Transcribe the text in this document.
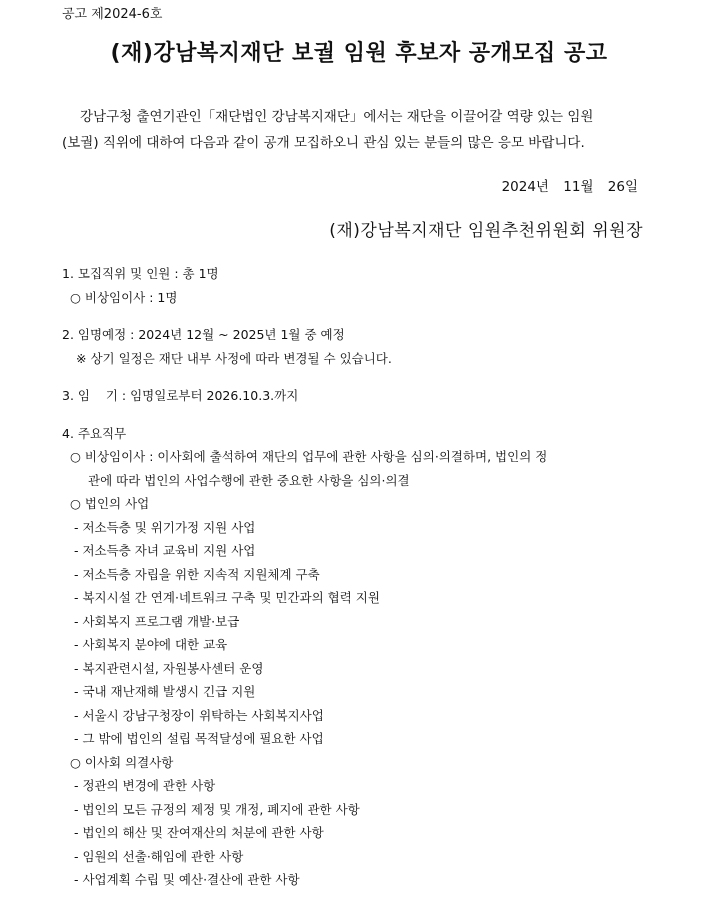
공고 제2024-6호
(재)강남복지재단 보궐 임원 후보자 공개모집 공고
강남구청 출연기관인「재단법인 강남복지재단」에서는 재단을 이끌어갈 역량 있는 임원
(보궐) 직위에 대하여 다음과 같이 공개 모집하오니 관심 있는 분들의 많은 응모 바랍니다.
2024년 11월 26일
(재)강남복지재단 임원추천위원회 위원장
1. 모집직위 및 인원 : 총 1명
○ 비상임이사 : 1명
2. 임명예정 : 2024년 12월 ~ 2025년 1월 중 예정
※ 상기 일정은 재단 내부 사정에 따라 변경될 수 있습니다.
3. 임    기 : 임명일로부터 2026.10.3.까지
4. 주요직무
○ 비상임이사 : 이사회에 출석하여 재단의 업무에 관한 사항을 심의·의결하며, 법인의 정
관에 따라 법인의 사업수행에 관한 중요한 사항을 심의·의결
○ 법인의 사업
- 저소득층 및 위기가정 지원 사업
- 저소득층 자녀 교육비 지원 사업
- 저소득층 자립을 위한 지속적 지원체계 구축
- 복지시설 간 연계·네트워크 구축 및 민간과의 협력 지원
- 사회복지 프로그램 개발·보급
- 사회복지 분야에 대한 교육
- 복지관련시설, 자원봉사센터 운영
- 국내 재난재해 발생시 긴급 지원
- 서울시 강남구청장이 위탁하는 사회복지사업
- 그 밖에 법인의 설립 목적달성에 필요한 사업
○ 이사회 의결사항
- 정관의 변경에 관한 사항
- 법인의 모든 규정의 제정 및 개정, 폐지에 관한 사항
- 법인의 해산 및 잔여재산의 처분에 관한 사항
- 임원의 선출·해임에 관한 사항
- 사업계획 수립 및 예산·결산에 관한 사항
